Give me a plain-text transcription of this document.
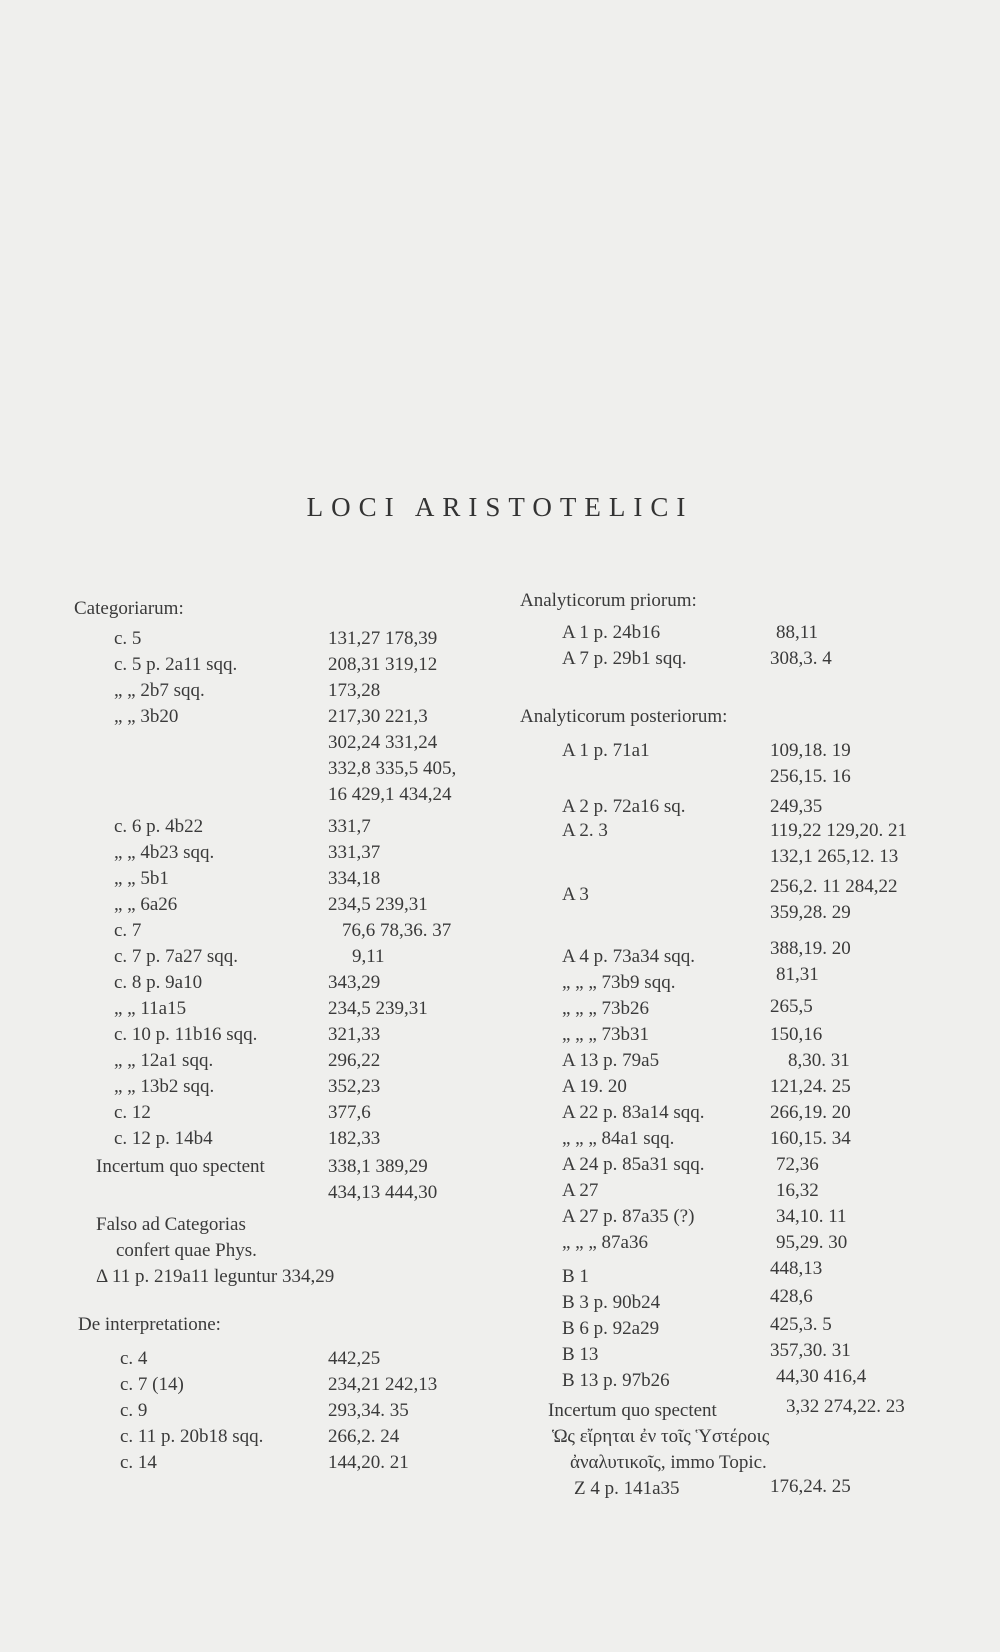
LOCI ARISTOTELICI
Categoriarum:
c. 5	131,27 178,39
c. 5 p. 2a11 sqq.	208,31 319,12
„ „ 2b7 sqq.	173,28
„ „ 3b20	217,30 221,3
302,24 331,24
332,8 335,5 405,
16 429,1 434,24
c. 6 p. 4b22	331,7
„ „ 4b23 sqq.	331,37
„ „ 5b1	334,18
„ „ 6a26	234,5 239,31
c. 7	76,6 78,36. 37
c. 7 p. 7a27 sqq.	9,11
c. 8 p. 9a10	343,29
„ „ 11a15	234,5 239,31
c. 10 p. 11b16 sqq.	321,33
„ „ 12a1 sqq.	296,22
„ „ 13b2 sqq.	352,23
c. 12	377,6
c. 12 p. 14b4	182,33
Incertum quo spectent	338,1 389,29
434,13 444,30
Falso ad Categorias
confert quae Phys.
Δ 11 p. 219a11 leguntur 334,29
De interpretatione:
c. 4	442,25
c. 7 (14)	234,21 242,13
c. 9	293,34. 35
c. 11 p. 20b18 sqq.	266,2. 24
c. 14	144,20. 21
Analyticorum priorum:
A 1 p. 24b16	88,11
A 7 p. 29b1 sqq.	308,3. 4
Analyticorum posteriorum:
A 1 p. 71a1	109,18. 19
256,15. 16
A 2 p. 72a16 sq.	249,35
A 2. 3	119,22 129,20. 21
132,1 265,12. 13
A 3	256,2. 11 284,22
359,28. 29
A 4 p. 73a34 sqq.	388,19. 20
„ „ „ 73b9 sqq.	81,31
„ „ „ 73b26	265,5
„ „ „ 73b31	150,16
A 13 p. 79a5	8,30. 31
A 19. 20	121,24. 25
A 22 p. 83a14 sqq.	266,19. 20
„ „ „ 84a1 sqq.	160,15. 34
A 24 p. 85a31 sqq.	72,36
A 27	16,32
A 27 p. 87a35 (?)	34,10. 11
„ „ „ 87a36	95,29. 30
B 1	448,13
B 3 p. 90b24	428,6
B 6 p. 92a29	425,3. 5
B 13	357,30. 31
B 13 p. 97b26	44,30 416,4
Incertum quo spectent	3,32 274,22. 23
Ὡς εἴρηται ἐν τοῖς Ὑστέροις
ἀναλυτικοῖς, immo Topic.
Z 4 p. 141a35	176,24. 25
